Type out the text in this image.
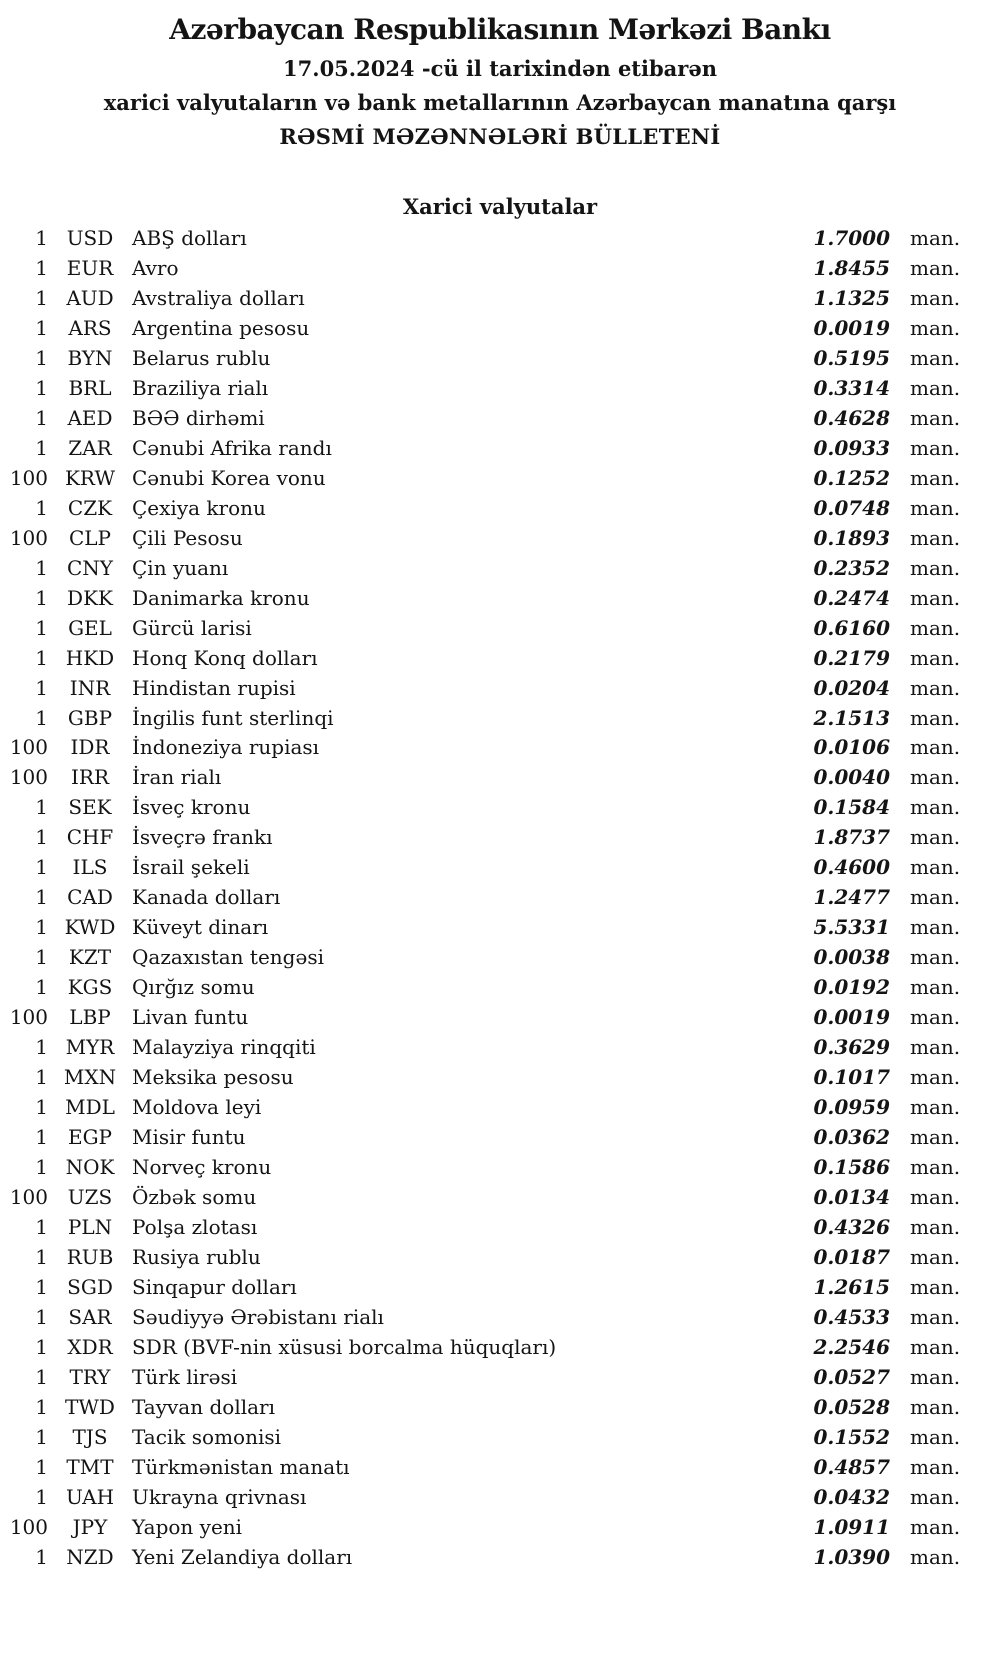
Azərbaycan Respublikasının Mərkəzi Bankı
17.05.2024 -cü il tarixindən etibarən
xarici valyutaların və bank metallarının Azərbaycan manatına qarşı
RƏSMİ MƏZƏNNƏLƏRİ BÜLLETENİ
Xarici valyutalar
1 USD ABŞ dolları	1.7000	man.
1 EUR Avro	1.8455	man.
1 AUD Avstraliya dolları	1.1325	man.
1	ARS	Argentina pesosu	0.0019	man.
1 BYN Belarus rublu	0.5195	man.
1	BRL	Braziliya rialı	0.3314	man.
1 AED BƏƏ dirhəmi	0.4628	man.
1	ZAR	Cənubi Afrika randı	0.0933	man.
100 KRW Cənubi Korea vonu	0.1252	man.
1 CZK Çexiya kronu	0.0748	man.
100	CLP	Çili Pesosu	0.1893	man.
1 CNY Çin yuanı	0.2352	man.
1 DKK Danimarka kronu	0.2474	man.
1	GEL	Gürcü larisi	0.6160	man.
1 HKD Honq Konq dolları	0.2179	man.
1	INR	Hindistan rupisi	0.0204	man.
1 GBP İngilis funt sterlinqi	2.1513	man.
100	IDR	İndoneziya rupiası	0.0106	man.
100	IRR	İran rialı	0.0040	man.
1	SEK	İsveç kronu	0.1584	man.
1 CHF İsveçrə frankı	1.8737	man.
1	ILS	İsrail şekeli	0.4600	man.
1 CAD Kanada dolları	1.2477	man.
1 KWD Küveyt dinarı	5.5331	man.
1	KZT	Qazaxıstan tengəsi	0.0038	man.
1 KGS Qırğız somu	0.0192	man.
100	LBP	Livan funtu	0.0019	man.
1 MYR Malayziya rinqqiti	0.3629	man.
1 MXN Meksika pesosu	0.1017	man.
1 MDL Moldova leyi	0.0959	man.
1 EGP Misir funtu	0.0362	man.
1 NOK Norveç kronu	0.1586	man.
100 UZS Özbək somu	0.0134	man.
1 PLN Polşa zlotası	0.4326	man.
1 RUB Rusiya rublu	0.0187	man.
1 SGD Sinqapur dolları	1.2615	man.
1	SAR	Səudiyyə Ərəbistanı rialı	0.4533	man.
1 XDR SDR (BVF-nin xüsusi borcalma hüquqları)	2.2546	man.
1	TRY	Türk lirəsi	0.0527	man.
1 TWD Tayvan dolları	0.0528	man.
1	TJS	Tacik somonisi	0.1552	man.
1 TMT Türkmənistan manatı	0.4857	man.
1 UAH Ukrayna qrivnası	0.0432	man.
100	JPY	Yapon yeni	1.0911	man.
1 NZD Yeni Zelandiya dolları	1.0390	man.
